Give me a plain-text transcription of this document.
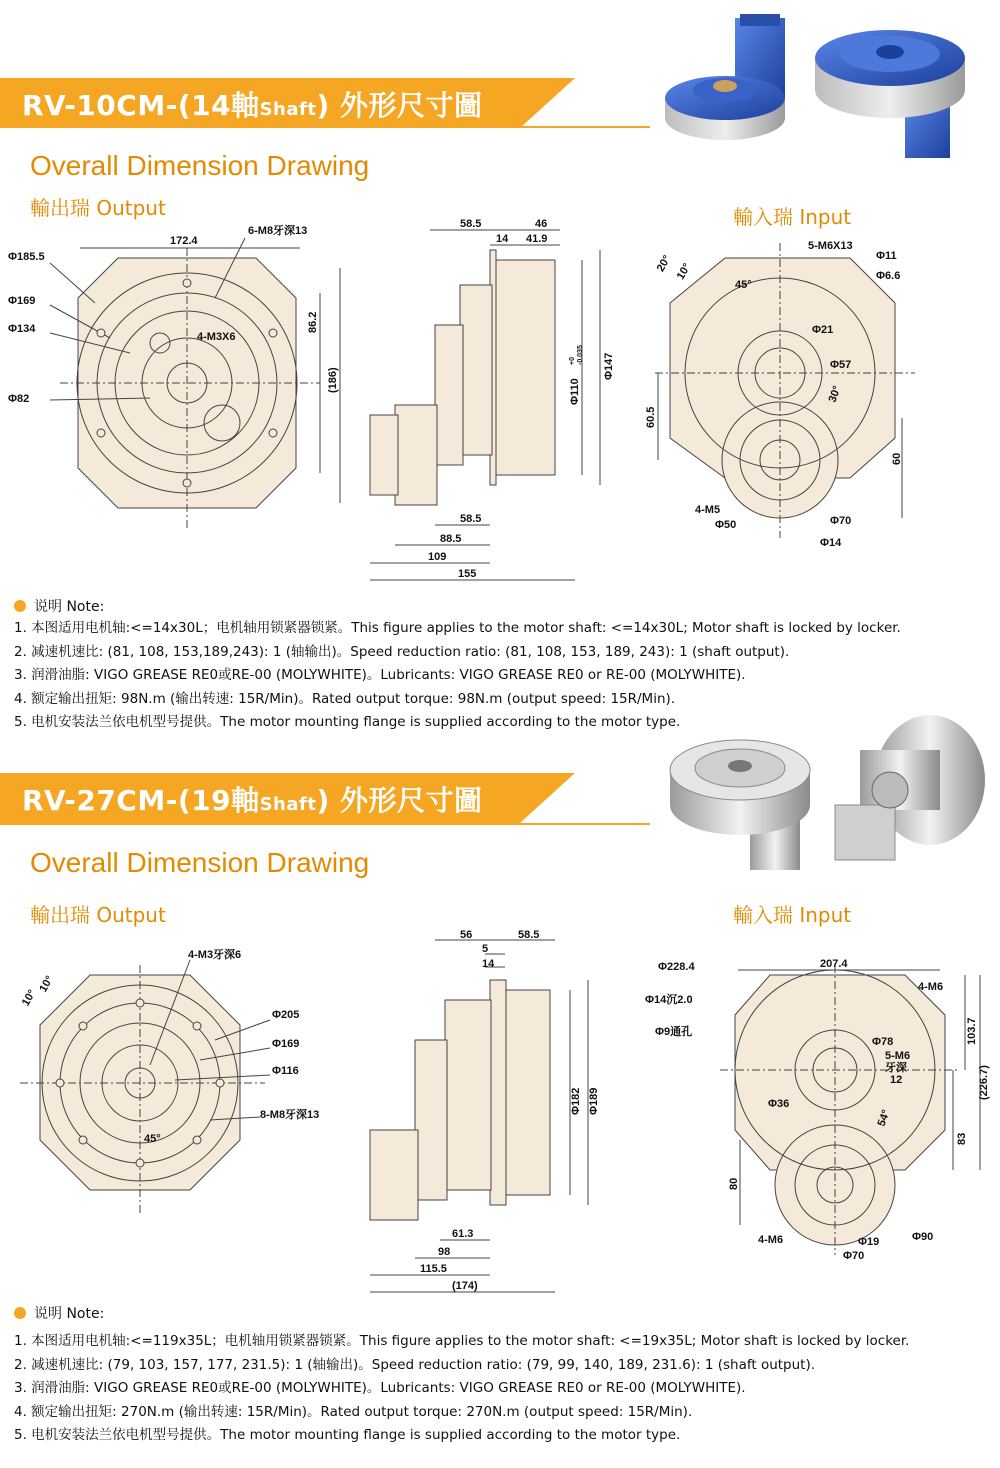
RV-10CM-(14軸Shaft) 外形尺寸圖
Overall Dimension Drawing
輸出瑞 Output	輸入瑞 Input
Φ185.5
Φ169
Φ134
Φ82
172.4
6-M8牙深13
4-M3X6
86.2
(186)
58.5	46
14 41.9
Φ110
+0 -0.035 Φ147
58.5
88.5
109
155
20° 10°
45°
5-M6X13
Φ11
Φ6.6
Φ21
Φ57
30°
60.5
60
4-M5
Φ50	Φ70
Φ14
说明 Note:
1. 本图适用电机轴:<=14x30L；电机轴用锁紧器锁紧。This figure applies to the motor shaft: <=14x30L; Motor shaft is locked by locker.
2. 减速机速比: (81, 108, 153,189,243): 1 (轴输出)。Speed reduction ratio: (81, 108, 153, 189, 243): 1 (shaft output).
3. 润滑油脂: VIGO GREASE RE0或RE-00 (MOLYWHITE)。Lubricants: VIGO GREASE RE0 or RE-00 (MOLYWHITE).
4. 额定输出扭矩: 98N.m (输出转速: 15R/Min)。Rated output torque: 98N.m (output speed: 15R/Min).
5. 电机安装法兰依电机型号提供。The motor mounting flange is supplied according to the motor type.
RV-27CM-(19軸Shaft) 外形尺寸圖
Overall Dimension Drawing
輸出瑞 Output	輸入瑞 Input
4-M3牙深6
10°
10°
Φ205
Φ169
Φ116
8-M8牙深13
45°
56	58.5
5
14
Φ182 Φ189
61.3
98
115.5
(174)
Φ228.4	207.4
4-M6
Φ14沉2.0
Φ9通孔
Φ78
5-M6
牙深
12
103.7
(226.7)
Φ36
54°
83
80
4-M6	Φ19	Φ90
Φ70
说明 Note:
1. 本图适用电机轴:<=119x35L；电机轴用锁紧器锁紧。This figure applies to the motor shaft: <=19x35L; Motor shaft is locked by locker.
2. 减速机速比: (79, 103, 157, 177, 231.5): 1 (轴输出)。Speed reduction ratio: (79, 99, 140, 189, 231.6): 1 (shaft output).
3. 润滑油脂: VIGO GREASE RE0或RE-00 (MOLYWHITE)。Lubricants: VIGO GREASE RE0 or RE-00 (MOLYWHITE).
4. 额定输出扭矩: 270N.m (输出转速: 15R/Min)。Rated output torque: 270N.m (output speed: 15R/Min).
5. 电机安装法兰依电机型号提供。The motor mounting flange is supplied according to the motor type.
